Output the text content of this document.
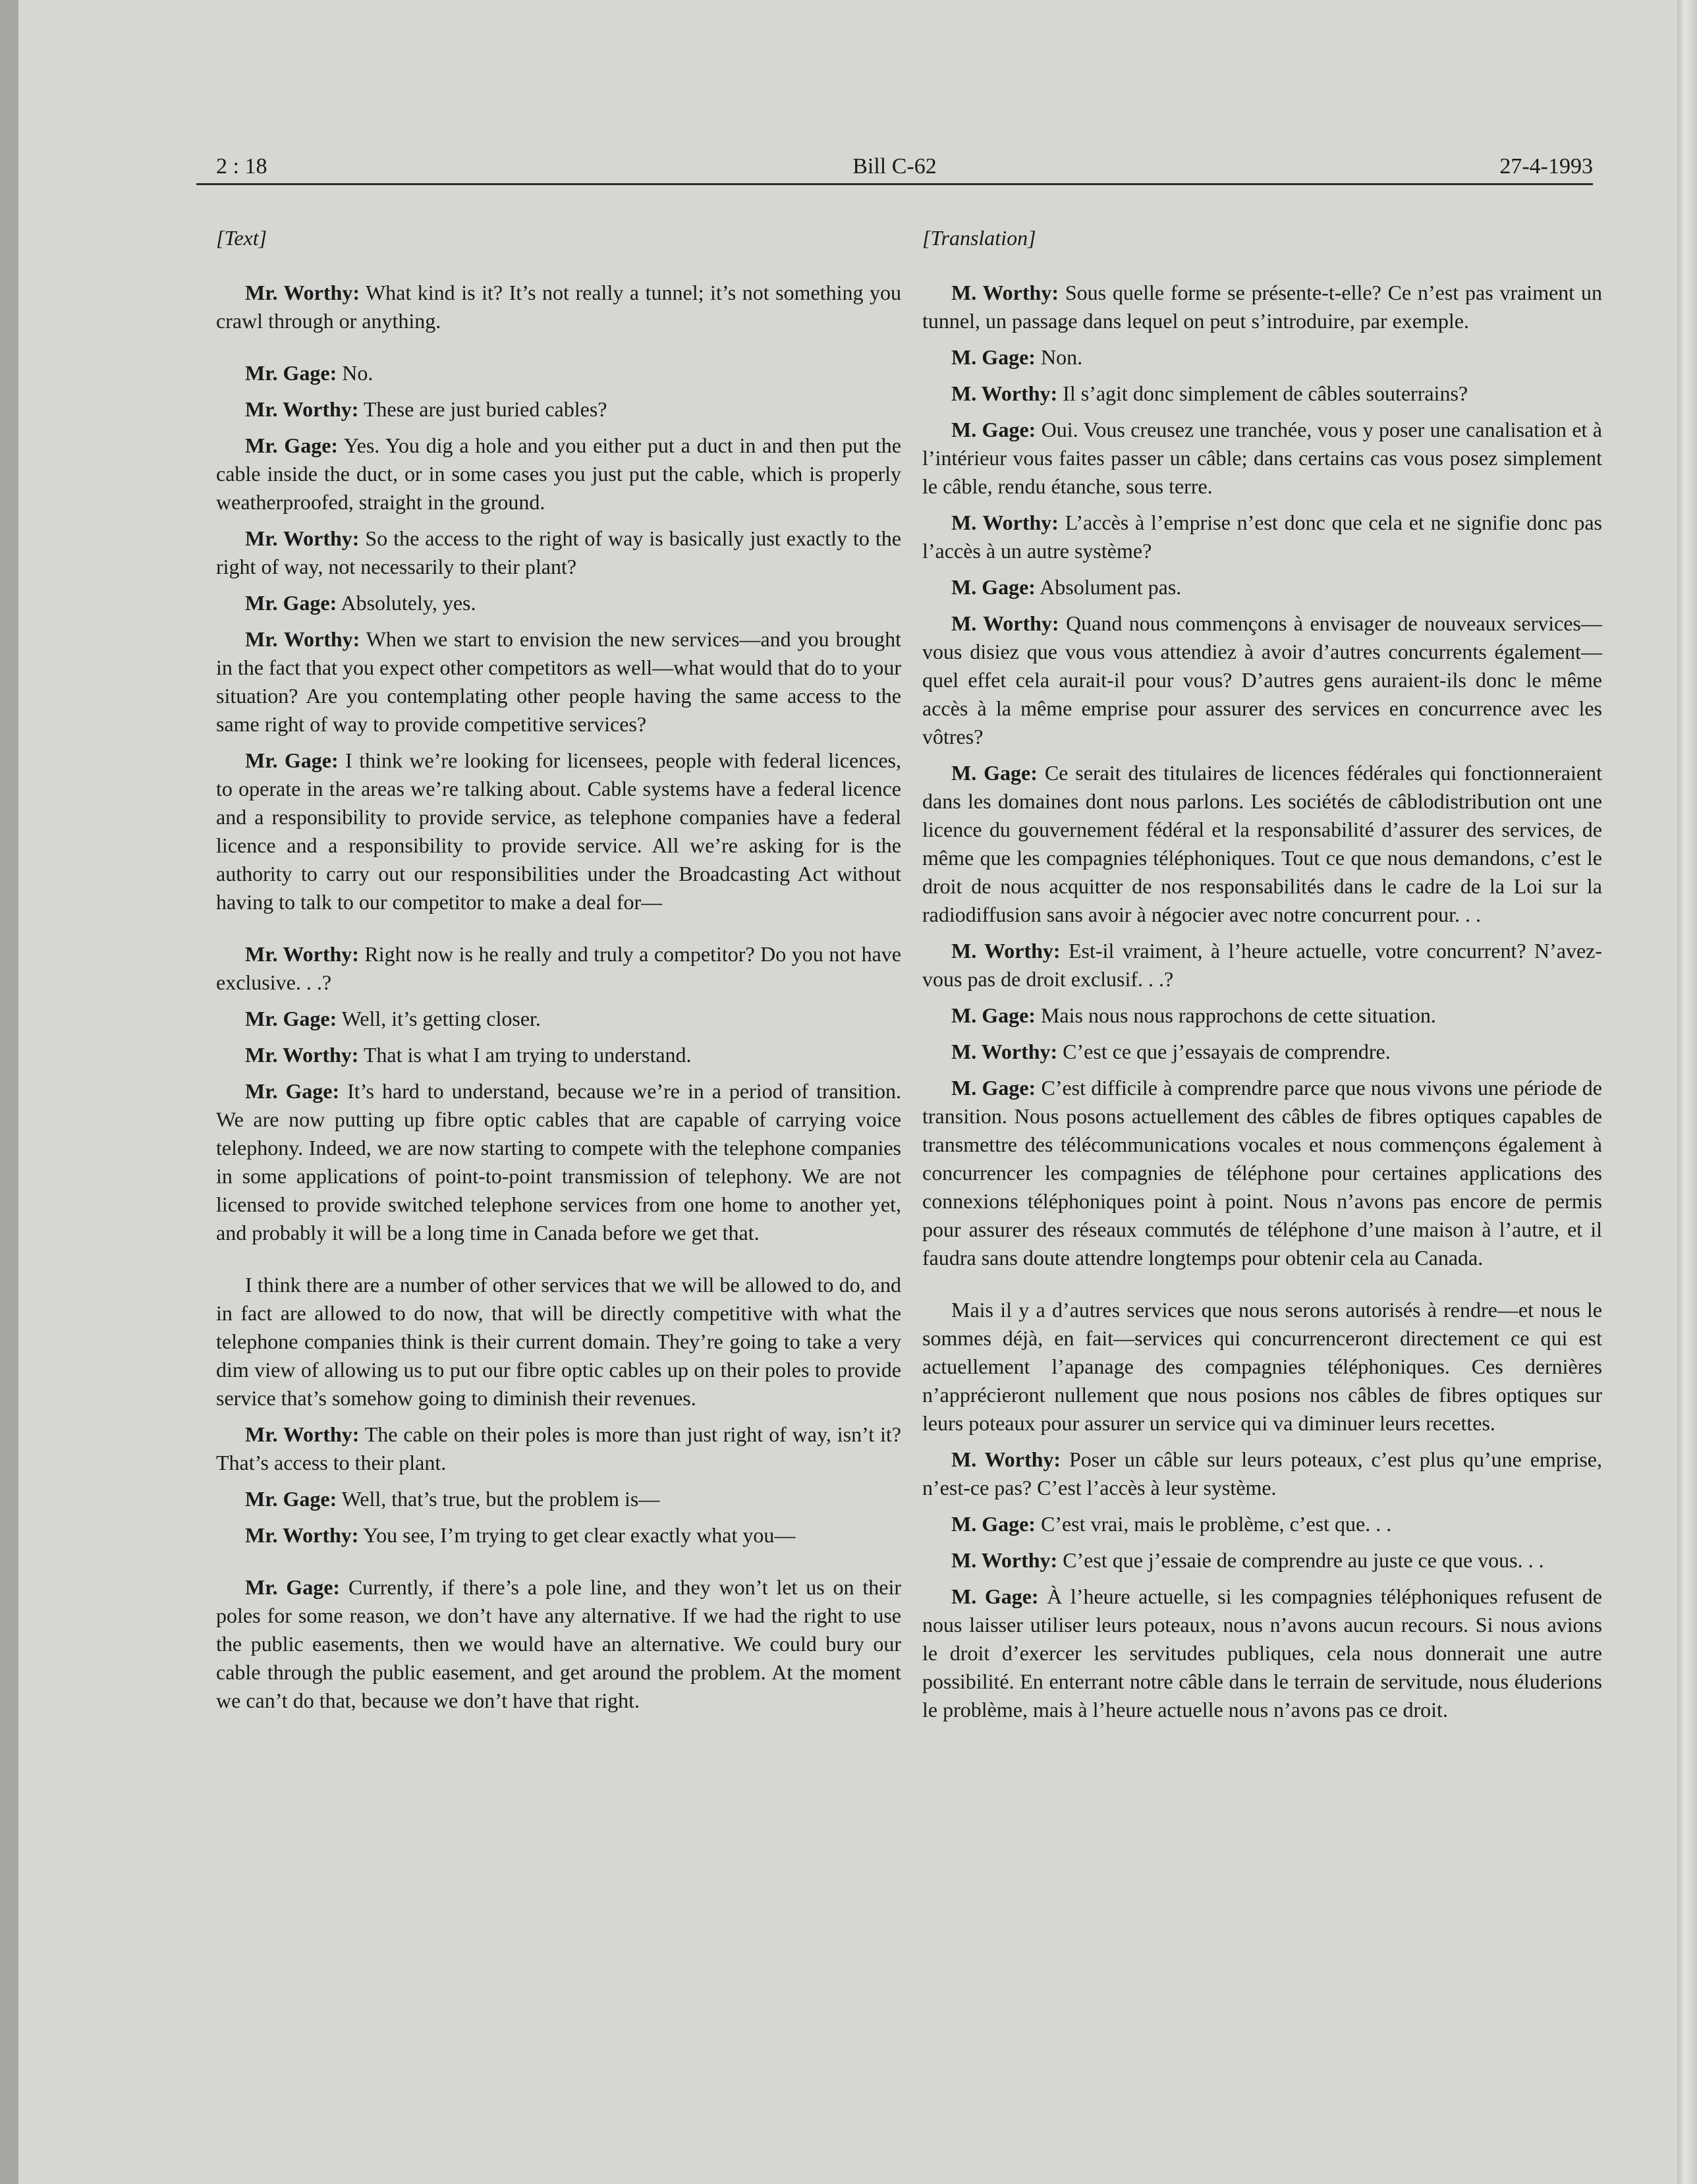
2 : 18	Bill C-62	27-4-1993
[Text]

Mr. Worthy: What kind is it? It’s not really a tunnel; it’s not something you crawl through or anything.

Mr. Gage: No.

Mr. Worthy: These are just buried cables?

Mr. Gage: Yes. You dig a hole and you either put a duct in and then put the cable inside the duct, or in some cases you just put the cable, which is properly weatherproofed, straight in the ground.

Mr. Worthy: So the access to the right of way is basically just exactly to the right of way, not necessarily to their plant?

Mr. Gage: Absolutely, yes.

Mr. Worthy: When we start to envision the new services—and you brought in the fact that you expect other competitors as well—what would that do to your situation? Are you contemplating other people having the same access to the same right of way to provide competitive services?

Mr. Gage: I think we’re looking for licensees, people with federal licences, to operate in the areas we’re talking about. Cable systems have a federal licence and a responsibility to provide service, as telephone companies have a federal licence and a responsibility to provide service. All we’re asking for is the authority to carry out our responsibilities under the Broadcasting Act without having to talk to our competitor to make a deal for—

Mr. Worthy: Right now is he really and truly a competitor? Do you not have exclusive. . .?

Mr. Gage: Well, it’s getting closer.

Mr. Worthy: That is what I am trying to understand.

Mr. Gage: It’s hard to understand, because we’re in a period of transition. We are now putting up fibre optic cables that are capable of carrying voice telephony. Indeed, we are now starting to compete with the telephone companies in some applications of point-to-point transmission of telephony. We are not licensed to provide switched telephone services from one home to another yet, and probably it will be a long time in Canada before we get that.

I think there are a number of other services that we will be allowed to do, and in fact are allowed to do now, that will be directly competitive with what the telephone companies think is their current domain. They’re going to take a very dim view of allowing us to put our fibre optic cables up on their poles to provide service that’s somehow going to diminish their revenues.

Mr. Worthy: The cable on their poles is more than just right of way, isn’t it? That’s access to their plant.

Mr. Gage: Well, that’s true, but the problem is—

Mr. Worthy: You see, I’m trying to get clear exactly what you—

Mr. Gage: Currently, if there’s a pole line, and they won’t let us on their poles for some reason, we don’t have any alternative. If we had the right to use the public easements, then we would have an alternative. We could bury our cable through the public easement, and get around the problem. At the moment we can’t do that, because we don’t have that right.

[Translation]

M. Worthy: Sous quelle forme se présente-t-elle? Ce n’est pas vraiment un tunnel, un passage dans lequel on peut s’introduire, par exemple.

M. Gage: Non.

M. Worthy: Il s’agit donc simplement de câbles souterrains?

M. Gage: Oui. Vous creusez une tranchée, vous y poser une canalisation et à l’intérieur vous faites passer un câble; dans certains cas vous posez simplement le câble, rendu étanche, sous terre.

M. Worthy: L’accès à l’emprise n’est donc que cela et ne signifie donc pas l’accès à un autre système?

M. Gage: Absolument pas.

M. Worthy: Quand nous commençons à envisager de nouveaux services—vous disiez que vous vous attendiez à avoir d’autres concurrents également—quel effet cela aurait-il pour vous? D’autres gens auraient-ils donc le même accès à la même emprise pour assurer des services en concurrence avec les vôtres?

M. Gage: Ce serait des titulaires de licences fédérales qui fonctionneraient dans les domaines dont nous parlons. Les sociétés de câblodistribution ont une licence du gouvernement fédéral et la responsabilité d’assurer des services, de même que les compagnies téléphoniques. Tout ce que nous demandons, c’est le droit de nous acquitter de nos responsabilités dans le cadre de la Loi sur la radiodiffusion sans avoir à négocier avec notre concurrent pour. . .

M. Worthy: Est-il vraiment, à l’heure actuelle, votre concurrent? N’avez-vous pas de droit exclusif. . .?

M. Gage: Mais nous nous rapprochons de cette situation.

M. Worthy: C’est ce que j’essayais de comprendre.

M. Gage: C’est difficile à comprendre parce que nous vivons une période de transition. Nous posons actuellement des câbles de fibres optiques capables de transmettre des télécommunications vocales et nous commençons également à concurrencer les compagnies de téléphone pour certaines applications des connexions téléphoniques point à point. Nous n’avons pas encore de permis pour assurer des réseaux commutés de téléphone d’une maison à l’autre, et il faudra sans doute attendre longtemps pour obtenir cela au Canada.

Mais il y a d’autres services que nous serons autorisés à rendre—et nous le sommes déjà, en fait—services qui concurrenceront directement ce qui est actuellement l’apanage des compagnies téléphoniques. Ces dernières n’apprécieront nullement que nous posions nos câbles de fibres optiques sur leurs poteaux pour assurer un service qui va diminuer leurs recettes.

M. Worthy: Poser un câble sur leurs poteaux, c’est plus qu’une emprise, n’est-ce pas? C’est l’accès à leur système.

M. Gage: C’est vrai, mais le problème, c’est que. . .

M. Worthy: C’est que j’essaie de comprendre au juste ce que vous. . .

M. Gage: À l’heure actuelle, si les compagnies téléphoniques refusent de nous laisser utiliser leurs poteaux, nous n’avons aucun recours. Si nous avions le droit d’exercer les servitudes publiques, cela nous donnerait une autre possibilité. En enterrant notre câble dans le terrain de servitude, nous éluderions le problème, mais à l’heure actuelle nous n’avons pas ce droit.
